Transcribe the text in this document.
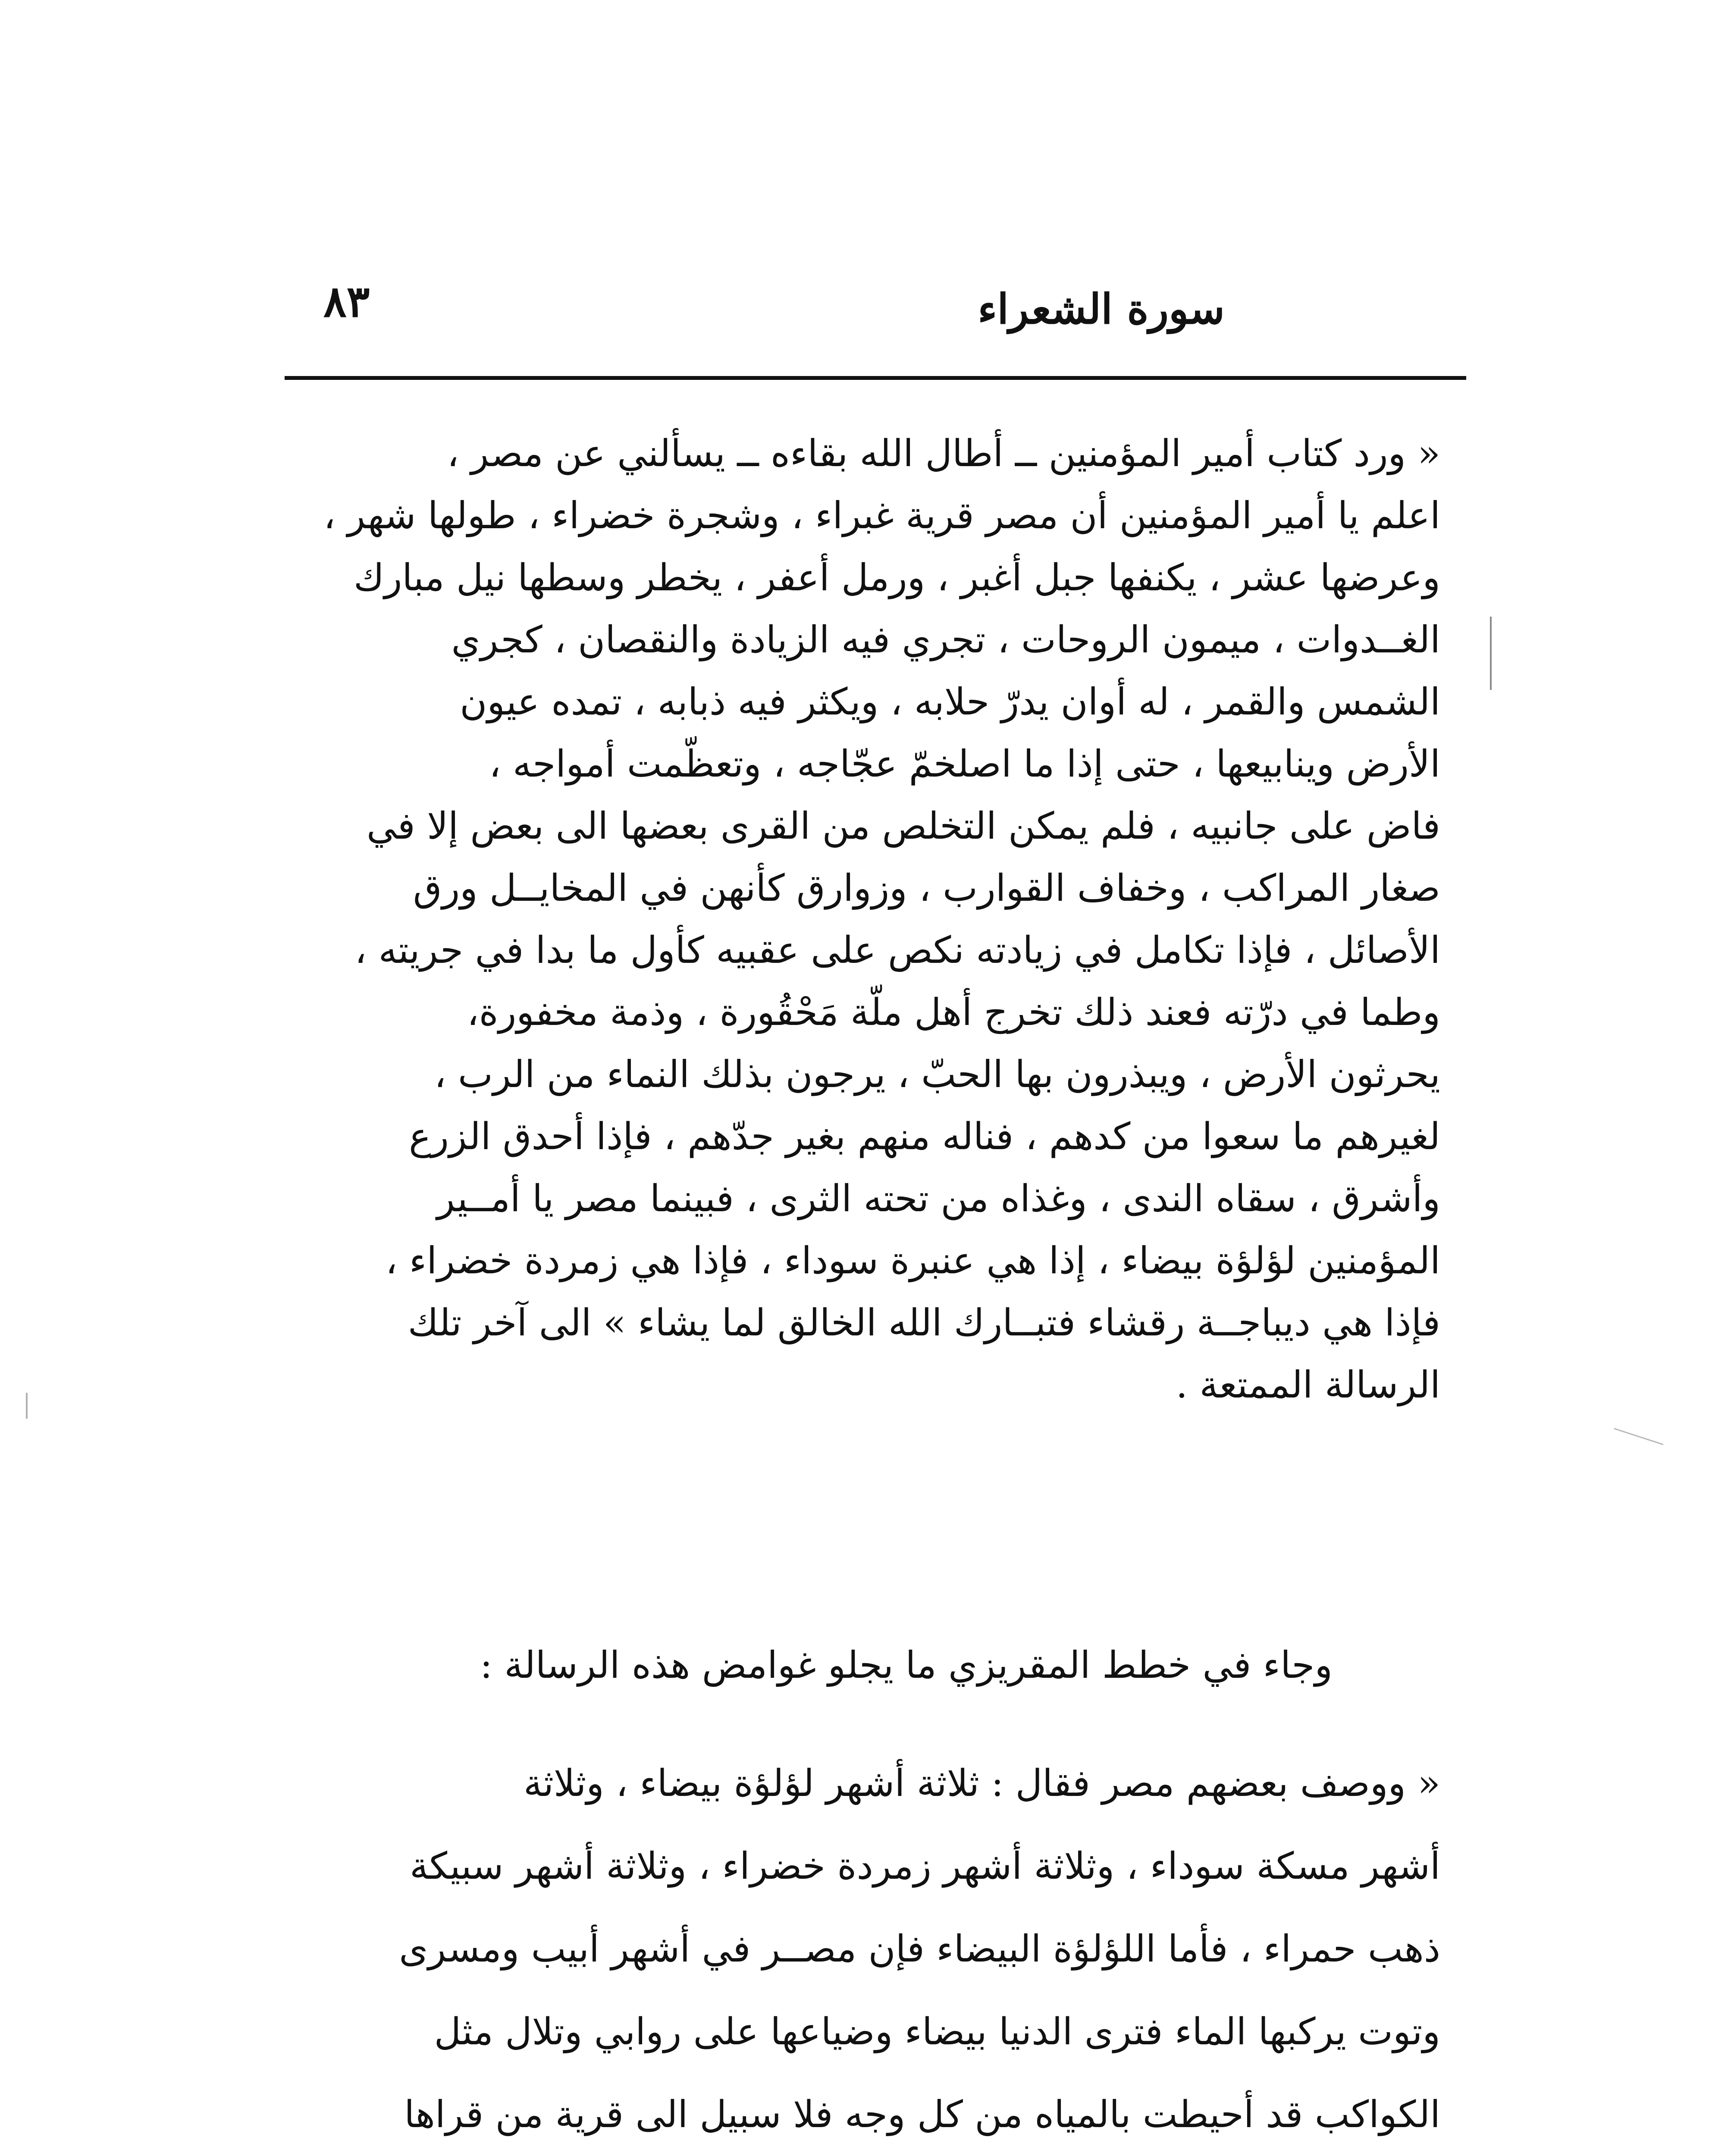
سورة الشعراء
٨٣
« ورد كتاب أمير المؤمنين ــ أطال الله بقاءه ــ يسألني عن مصر ،
اعلم يا أمير المؤمنين أن مصر قرية غبراء ، وشجرة خضراء ، طولها شهر ،
وعرضها عشر ، يكنفها جبل أغبر ، ورمل أعفر ، يخطر وسطها نيل مبارك
الغــدوات ، ميمون الروحات ، تجري فيه الزيادة والنقصان ، كجري
الشمس والقمر ، له أوان يدرّ حلابه ، ويكثر فيه ذبابه ، تمده عيون
الأرض وينابيعها ، حتى إذا ما اصلخمّ عجّاجه ، وتعظّمت أمواجه ،
فاض على جانبيه ، فلم يمكن التخلص من القرى بعضها الى بعض إلا في
صغار المراكب ، وخفاف القوارب ، وزوارق كأنهن في المخايــل ورق
الأصائل ، فإذا تكامل في زيادته نكص على عقبيه كأول ما بدا في جريته ،
وطما في درّته فعند ذلك تخرج أهل ملّة مَحْقُورة ، وذمة مخفورة،
يحرثون الأرض ، ويبذرون بها الحبّ ، يرجون بذلك النماء من الرب ،
لغيرهم ما سعوا من كدهم ، فناله منهم بغير جدّهم ، فإذا أحدق الزرع
وأشرق ، سقاه الندى ، وغذاه من تحته الثرى ، فبينما مصر يا أمــير
المؤمنين لؤلؤة بيضاء ، إذا هي عنبرة سوداء ، فإذا هي زمردة خضراء ،
فإذا هي ديباجــة رقشاء فتبــارك الله الخالق لما يشاء » الى آخر تلك
الرسالة الممتعة .
وجاء في خطط المقريزي ما يجلو غوامض هذه الرسالة :
« ووصف بعضهم مصر فقال : ثلاثة أشهر لؤلؤة بيضاء ، وثلاثة
أشهر مسكة سوداء ، وثلاثة أشهر زمردة خضراء ، وثلاثة أشهر سبيكة
ذهب حمراء ، فأما اللؤلؤة البيضاء فإن مصــر في أشهر أبيب ومسرى
وتوت يركبها الماء فترى الدنيا بيضاء وضياعها على روابي وتلال مثل
الكواكب قد أحيطت بالمياه من كل وجه فلا سبيل الى قرية من قراها
